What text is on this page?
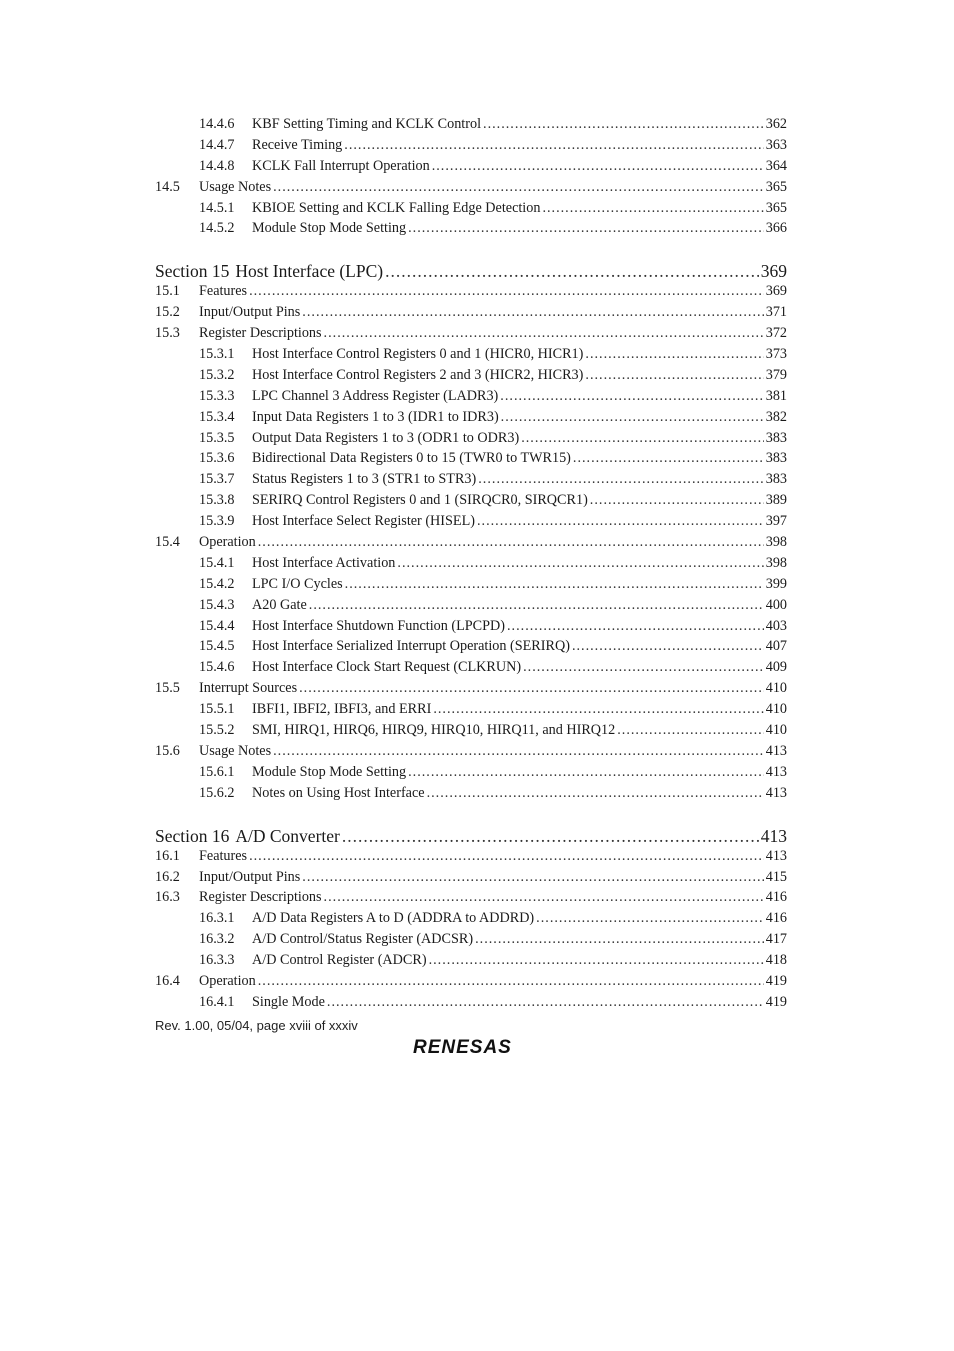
14.4.6	KBF Setting Timing and KCLK Control .....	362
14.4.7	Receive Timing .....	363
14.4.8	KCLK Fall Interrupt Operation .....	364
14.5	Usage Notes .....	365
14.5.1	KBIOE Setting and KCLK Falling Edge Detection .....	365
14.5.2	Module Stop Mode Setting .....	366
Section 15 Host Interface (LPC) .....	369
15.1	Features .....	369
15.2	Input/Output Pins .....	371
15.3	Register Descriptions .....	372
15.3.1	Host Interface Control Registers 0 and 1 (HICR0, HICR1) .....	373
15.3.2	Host Interface Control Registers 2 and 3 (HICR2, HICR3) .....	379
15.3.3	LPC Channel 3 Address Register (LADR3) .....	381
15.3.4	Input Data Registers 1 to 3 (IDR1 to IDR3) .....	382
15.3.5	Output Data Registers 1 to 3 (ODR1 to ODR3) .....	383
15.3.6	Bidirectional Data Registers 0 to 15 (TWR0 to TWR15) .....	383
15.3.7	Status Registers 1 to 3 (STR1 to STR3) .....	383
15.3.8	SERIRQ Control Registers 0 and 1 (SIRQCR0, SIRQCR1) .....	389
15.3.9	Host Interface Select Register (HISEL) .....	397
15.4	Operation .....	398
15.4.1	Host Interface Activation .....	398
15.4.2	LPC I/O Cycles .....	399
15.4.3	A20 Gate .....	400
15.4.4	Host Interface Shutdown Function (LPCPD) .....	403
15.4.5	Host Interface Serialized Interrupt Operation (SERIRQ) .....	407
15.4.6	Host Interface Clock Start Request (CLKRUN) .....	409
15.5	Interrupt Sources .....	410
15.5.1	IBFI1, IBFI2, IBFI3, and ERRI .....	410
15.5.2	SMI, HIRQ1, HIRQ6, HIRQ9, HIRQ10, HIRQ11, and HIRQ12 .....	410
15.6	Usage Notes .....	413
15.6.1	Module Stop Mode Setting .....	413
15.6.2	Notes on Using Host Interface .....	413
Section 16 A/D Converter .....	413
16.1	Features .....	413
16.2	Input/Output Pins .....	415
16.3	Register Descriptions .....	416
16.3.1	A/D Data Registers A to D (ADDRA to ADDRD) .....	416
16.3.2	A/D Control/Status Register (ADCSR) .....	417
16.3.3	A/D Control Register (ADCR) .....	418
16.4	Operation .....	419
16.4.1	Single Mode .....	419
Rev. 1.00, 05/04, page xviii of xxxiv
RENESAS
